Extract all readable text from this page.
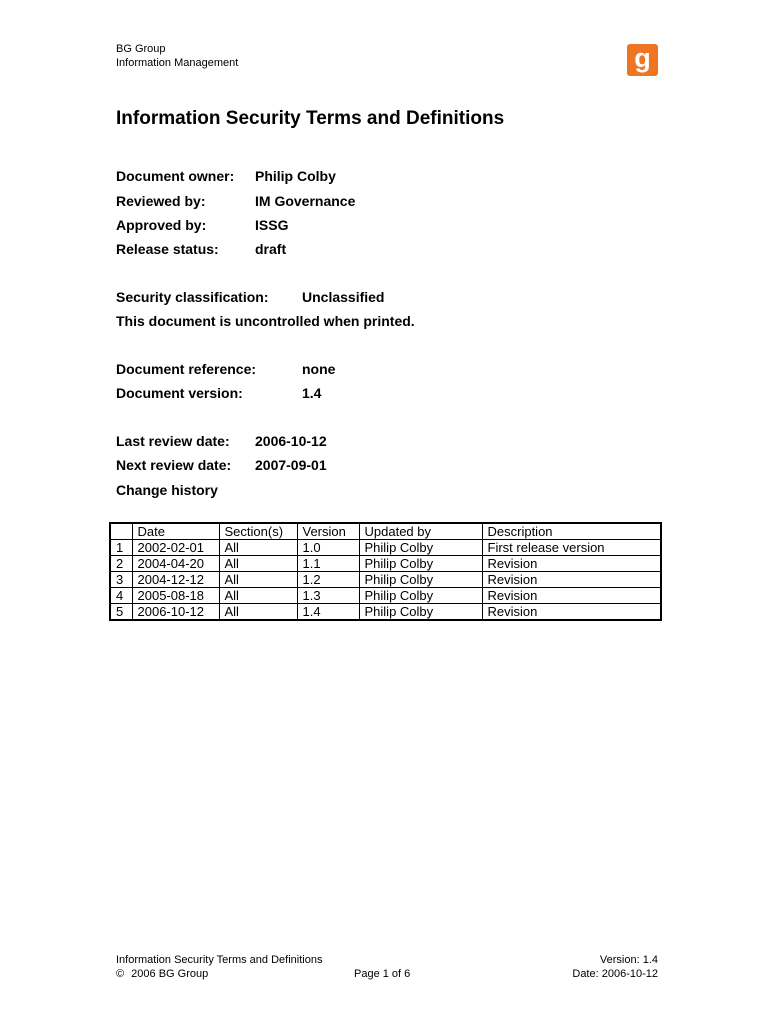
BG Group
Information Management	g
Information Security Terms and Definitions
Document owner: Philip Colby
Reviewed by:	IM Governance
Approved by:	ISSG
Release status:	draft
Security classification: Unclassified
This document is uncontrolled when printed.
Document reference:	none
Document version:	1.4
Last review date: 2006-10-12
Next review date: 2007-09-01
Change history
	Date	Section(s)	Version	Updated by	Description
1	2002-02-01	All	1.0	Philip Colby	First release version
2	2004-04-20	All	1.1	Philip Colby	Revision
3	2004-12-12	All	1.2	Philip Colby	Revision
4	2005-08-18	All	1.3	Philip Colby	Revision
5	2006-10-12	All	1.4	Philip Colby	Revision
Information Security Terms and Definitions
© 2006 BG Group	Page 1 of 6
Version: 1.4
Date: 2006-10-12
